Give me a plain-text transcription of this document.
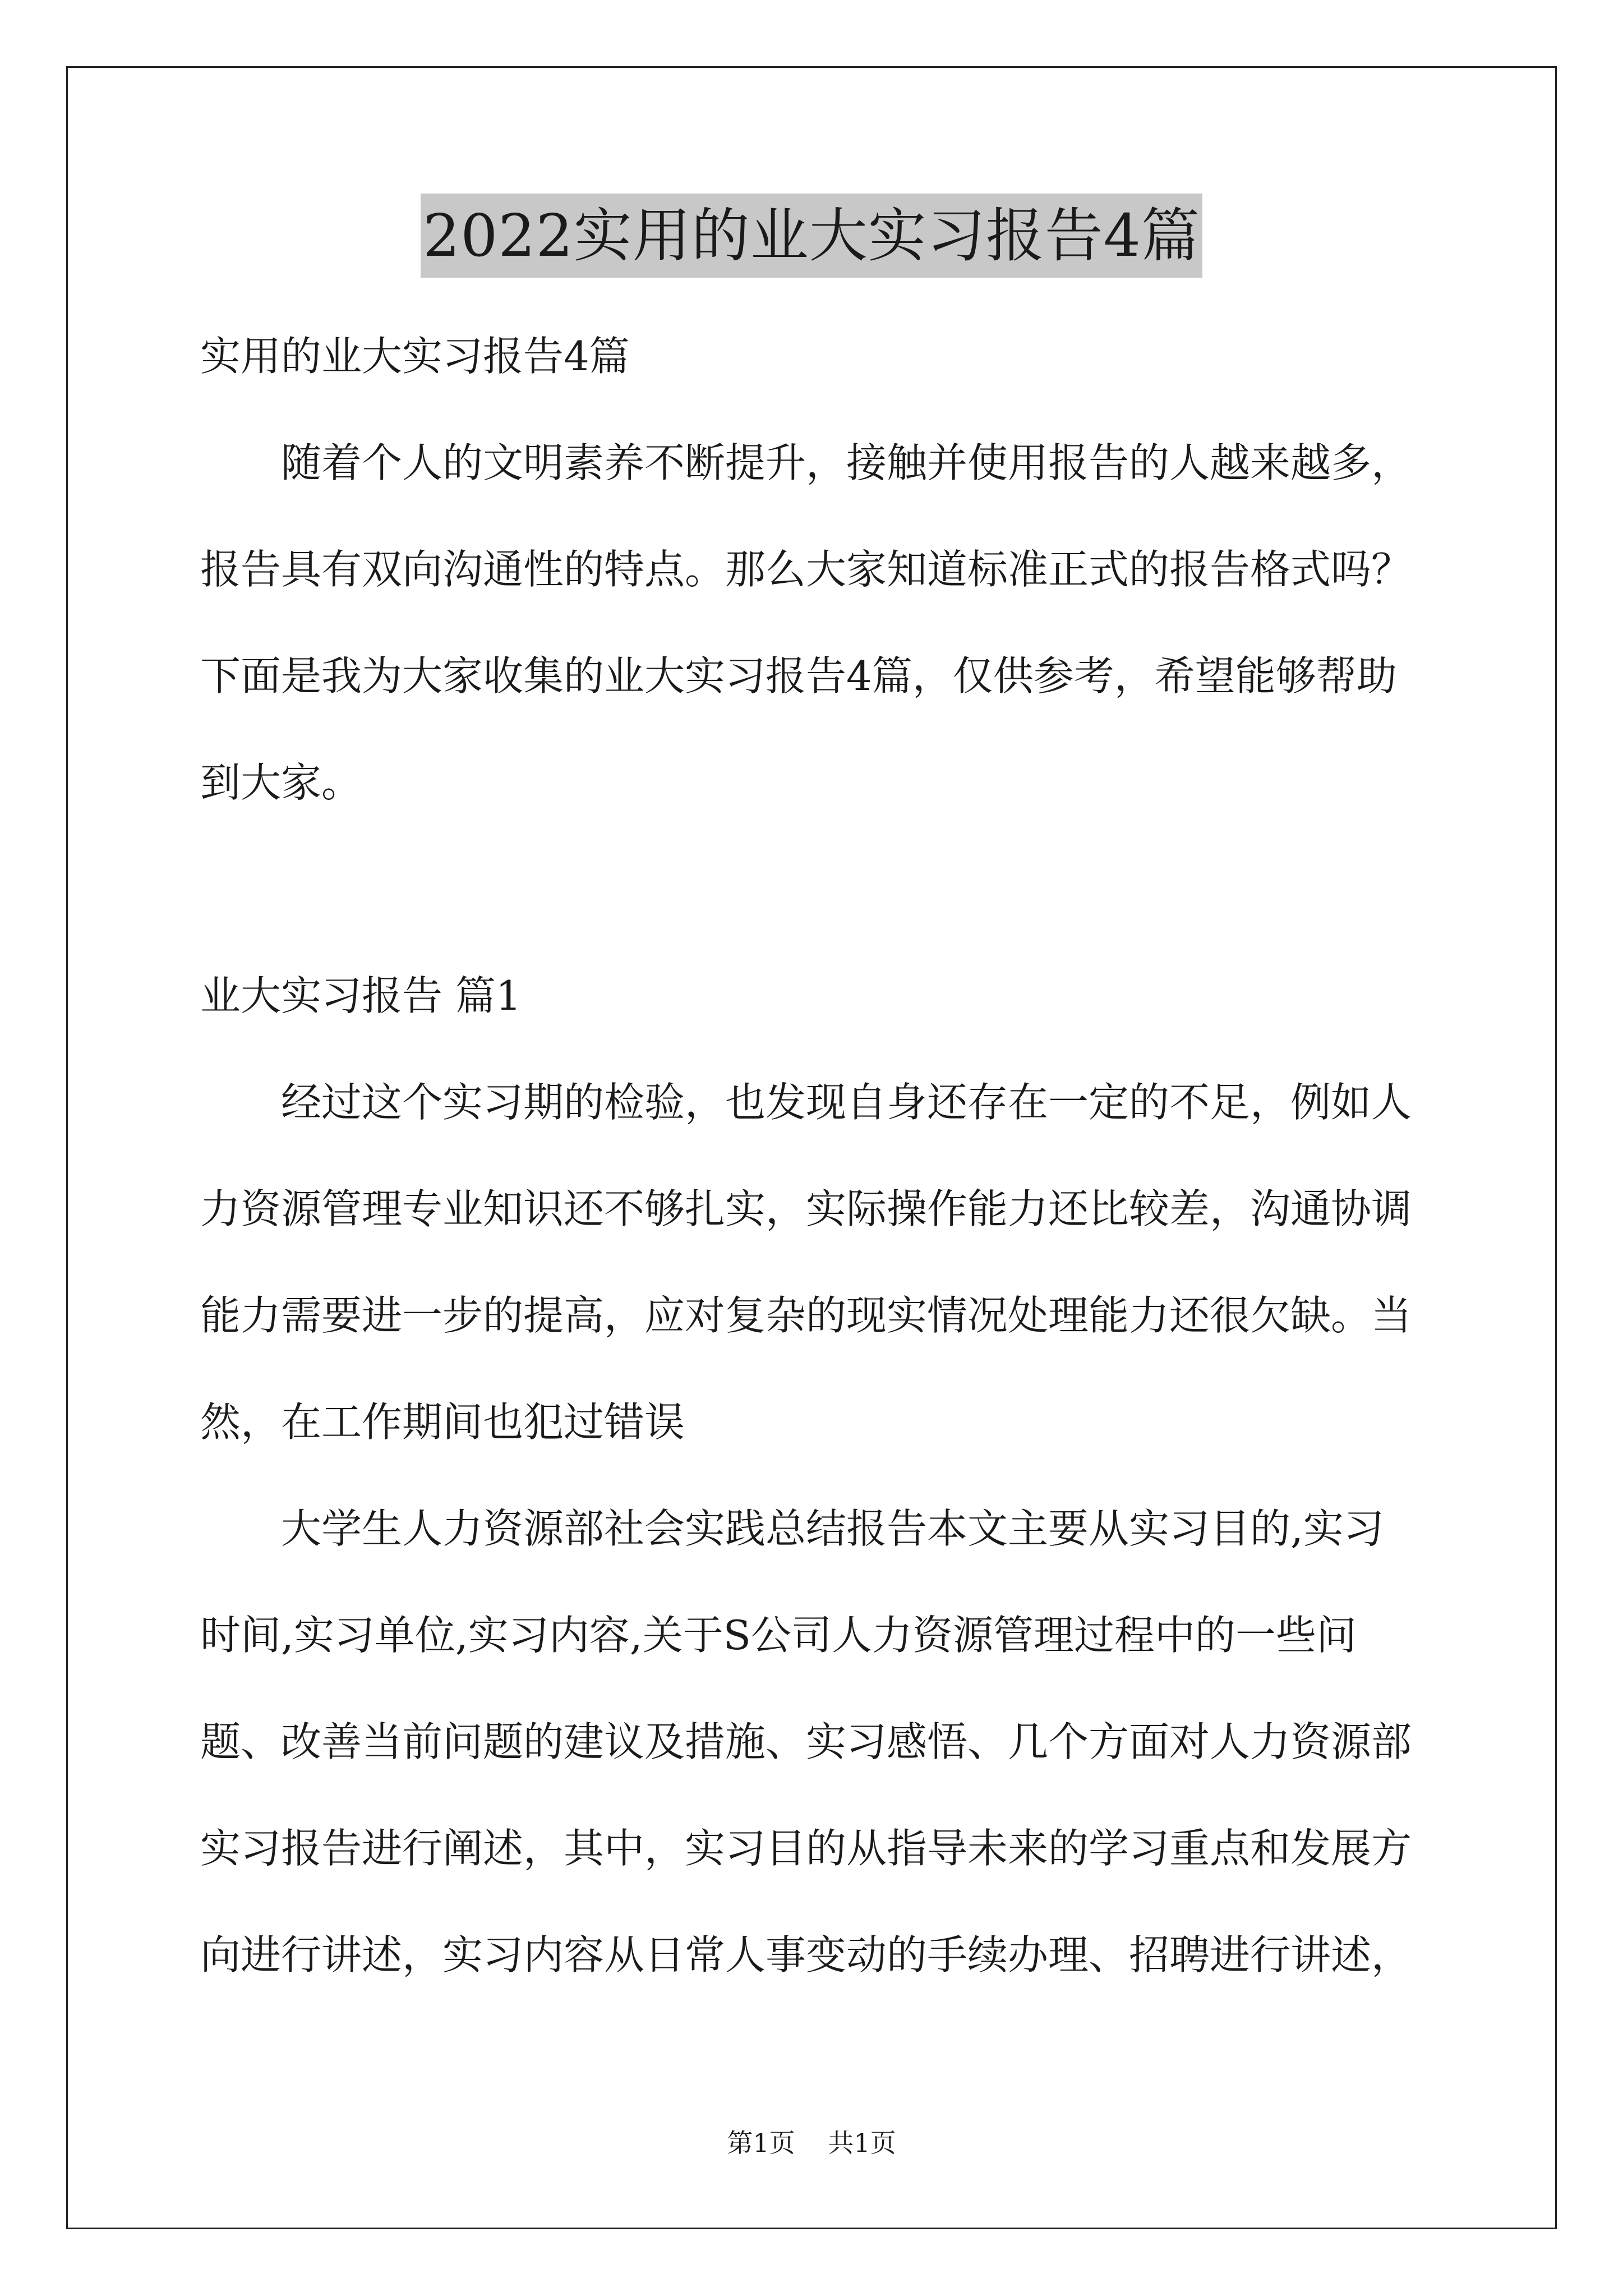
2022实用的业大实习报告4篇
实用的业大实习报告4篇
随着个人的文明素养不断提升，接触并使用报告的人越来越多，
报告具有双向沟通性的特点。那么大家知道标准正式的报告格式吗？
下面是我为大家收集的业大实习报告4篇，仅供参考，希望能够帮助
到大家。
业大实习报告 篇1
经过这个实习期的检验，也发现自身还存在一定的不足，例如人
力资源管理专业知识还不够扎实，实际操作能力还比较差，沟通协调
能力需要进一步的提高，应对复杂的现实情况处理能力还很欠缺。当
然，在工作期间也犯过错误
大学生人力资源部社会实践总结报告本文主要从实习目的,实习
时间,实习单位,实习内容,关于S公司人力资源管理过程中的一些问
题、改善当前问题的建议及措施、实习感悟、几个方面对人力资源部
实习报告进行阐述，其中，实习目的从指导未来的学习重点和发展方
向进行讲述，实习内容从日常人事变动的手续办理、招聘进行讲述，
第1页 共1页
